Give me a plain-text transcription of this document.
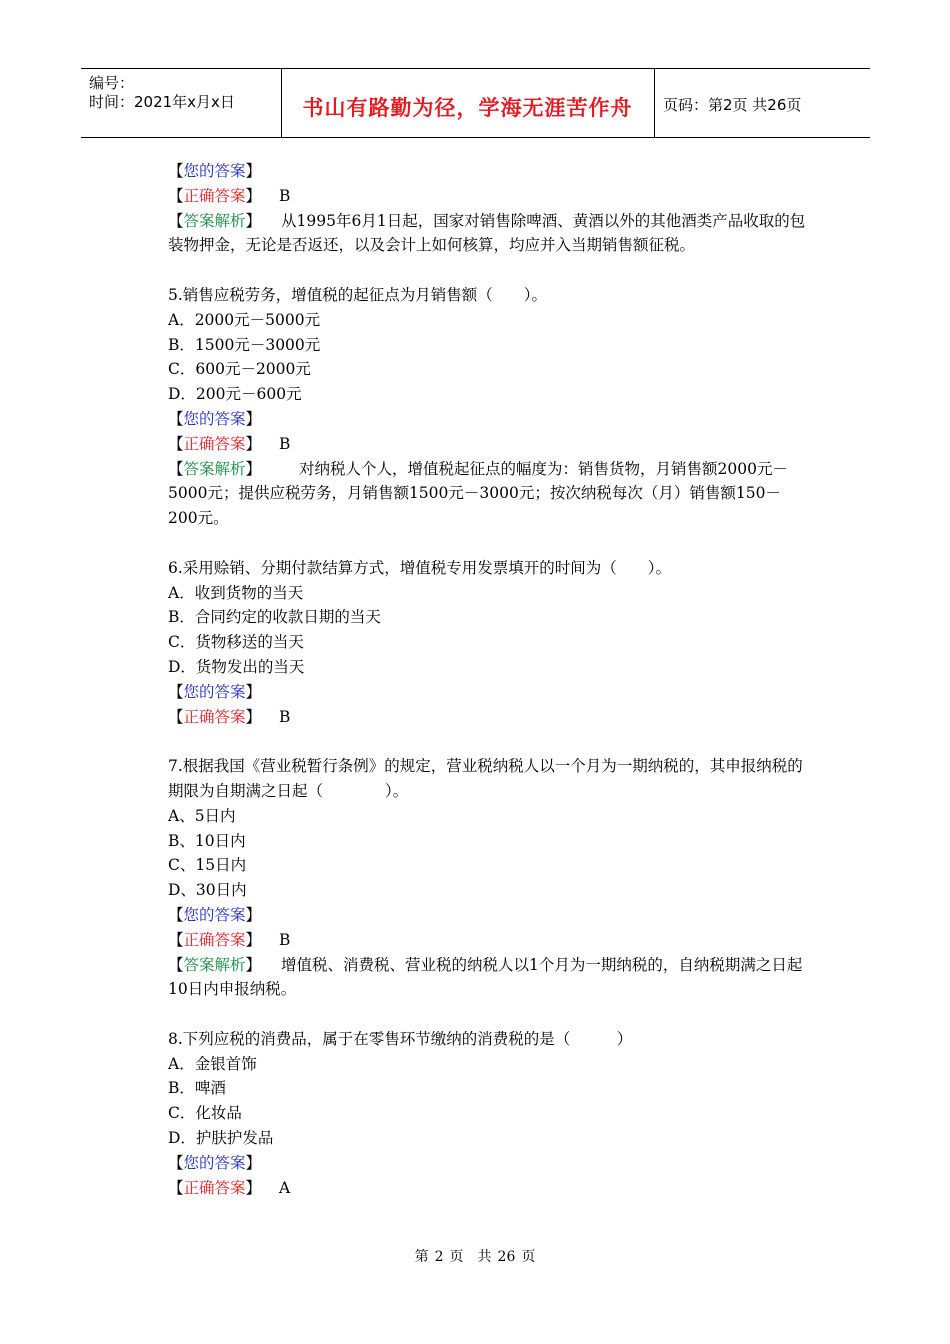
编号：
时间：2021年x月x日	书山有路勤为径，学海无涯苦作舟	页码：第2页 共26页
【您的答案】
【正确答案】 B
【答案解析】 从1995年6月1日起，国家对销售除啤酒、黄酒以外的其他酒类产品收取的包装物押金，无论是否返还，以及会计上如何核算，均应并入当期销售额征税。
5.销售应税劳务，增值税的起征点为月销售额（　　）。
A．2000元－5000元
B．1500元－3000元
C．600元－2000元
D．200元－600元
【您的答案】
【正确答案】 B
【答案解析】 对纳税人个人，增值税起征点的幅度为：销售货物，月销售额2000元－5000元；提供应税劳务，月销售额1500元－3000元；按次纳税每次（月）销售额150－200元。
6.采用赊销、分期付款结算方式，增值税专用发票填开的时间为（　　）。
A．收到货物的当天
B．合同约定的收款日期的当天
C．货物移送的当天
D．货物发出的当天
【您的答案】
【正确答案】 B
7.根据我国《营业税暂行条例》的规定，营业税纳税人以一个月为一期纳税的，其申报纳税的期限为自期满之日起（　　　　）。
A、5日内
B、10日内
C、15日内
D、30日内
【您的答案】
【正确答案】 B
【答案解析】 增值税、消费税、营业税的纳税人以1个月为一期纳税的，自纳税期满之日起10日内申报纳税。
8.下列应税的消费品，属于在零售环节缴纳的消费税的是（　　　）
A．金银首饰
B．啤酒
C．化妆品
D．护肤护发品
【您的答案】
【正确答案】 A
第 2 页　共 26 页
